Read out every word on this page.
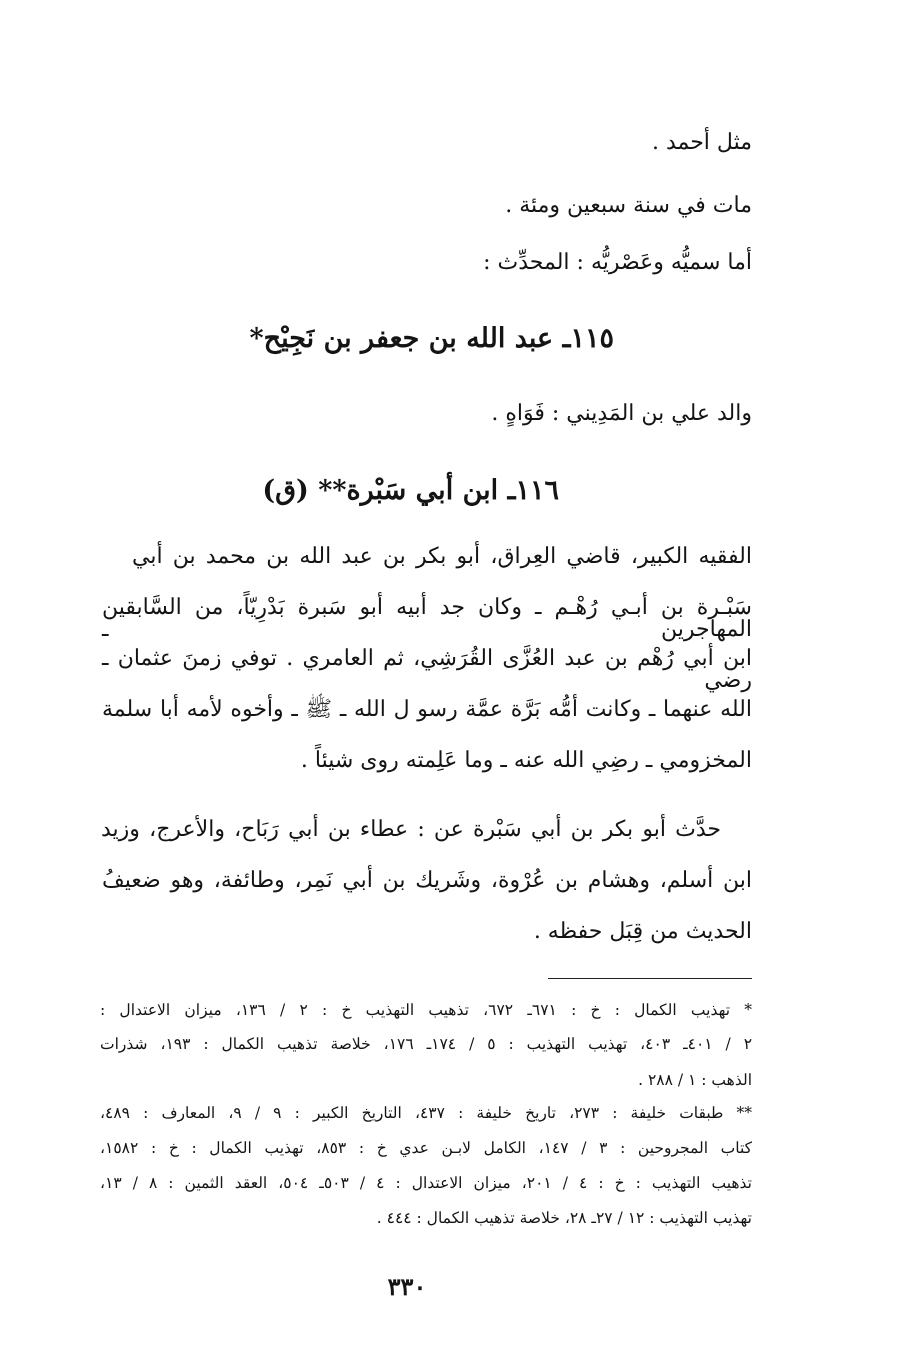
مثل أحمد .
مات في سنة سبعين ومئة .
أما سميُّه وعَصْريُّه : المحدِّث :
١١٥ـ عبد الله بن جعفر بن نَجِيْح*
والد علي بن المَدِيني : فَوَاهٍ .
١١٦ـ ابن أبي سَبْرة** (ق)
الفقيه الكبير، قاضي العِراق، أبو بكر بن عبد الله بن محمد بن أبي
سَبْـرة بن أبـي رُهْـم ـ وكان جد أبيه أبو سَبرة بَدْرِيّاً، من السَّابقين المهاجرين ـ
ابن أبي رُهْم بن عبد العُزَّى القُرَشِي، ثم العامري . توفي زمنَ عثمان ـ رضي
الله عنهما ـ وكانت أمُّه بَرَّة عمَّة رسو ل الله ـ ﷺ ـ وأخوه لأمه أبا سلمة
المخزومي ـ رضِي الله عنه ـ وما عَلِمته روى شيئاً .
حدَّث أبو بكر بن أبي سَبْرة عن : عطاء بن أبي رَبَاح، والأعرج، وزيد
ابن أسلم، وهشام بن عُرْوة، وشَريك بن أبي نَمِر، وطائفة، وهو ضعيفُ
الحديث من قِبَل حفظه .
* تهذيب الكمال : خ : ٦٧١ـ ٦٧٢، تذهيب التهذيب خ : ٢ / ١٣٦، ميزان الاعتدال :
٢ / ٤٠١ـ ٤٠٣، تهذيب التهذيب : ٥ / ١٧٤ـ ١٧٦، خلاصة تذهيب الكمال : ١٩٣، شذرات
الذهب : ١ / ٢٨٨ .
** طبقات خليفة : ٢٧٣، تاريخ خليفة : ٤٣٧، التاريخ الكبير : ٩ / ٩، المعارف : ٤٨٩،
كتاب المجروحين : ٣ / ١٤٧، الكامل لابـن عدي خ : ٨٥٣، تهذيب الكمال : خ : ١٥٨٢،
تذهيب التهذيب : خ : ٤ / ٢٠١، ميزان الاعتدال : ٤ / ٥٠٣ـ ٥٠٤، العقد الثمين : ٨ / ١٣،
تهذيب التهذيب : ١٢ / ٢٧ـ ٢٨، خلاصة تذهيب الكمال : ٤٤٤ .
٣٣٠
